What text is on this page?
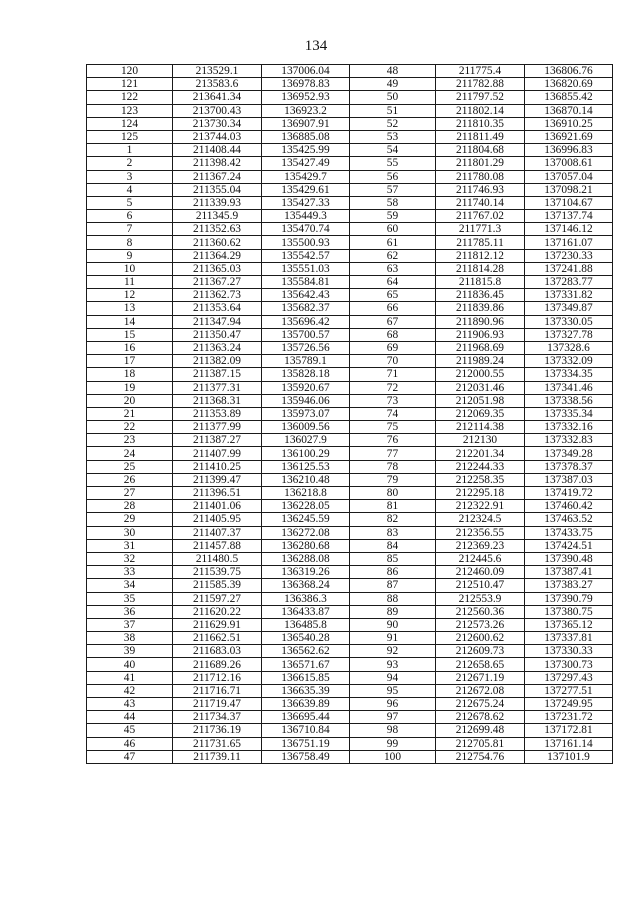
134
120	213529.1	137006.04	48	211775.4	136806.76
121	213583.6	136978.83	49	211782.88	136820.69
122	213641.34	136952.93	50	211797.52	136855.42
123	213700.43	136923.2	51	211802.14	136870.14
124	213730.34	136907.91	52	211810.35	136910.25
125	213744.03	136885.08	53	211811.49	136921.69
1	211408.44	135425.99	54	211804.68	136996.83
2	211398.42	135427.49	55	211801.29	137008.61
3	211367.24	135429.7	56	211780.08	137057.04
4	211355.04	135429.61	57	211746.93	137098.21
5	211339.93	135427.33	58	211740.14	137104.67
6	211345.9	135449.3	59	211767.02	137137.74
7	211352.63	135470.74	60	211771.3	137146.12
8	211360.62	135500.93	61	211785.11	137161.07
9	211364.29	135542.57	62	211812.12	137230.33
10	211365.03	135551.03	63	211814.28	137241.88
11	211367.27	135584.81	64	211815.8	137283.77
12	211362.73	135642.43	65	211836.45	137331.82
13	211353.64	135682.37	66	211839.86	137349.87
14	211347.94	135696.42	67	211890.96	137330.05
15	211350.47	135700.57	68	211906.93	137327.78
16	211363.24	135726.56	69	211968.69	137328.6
17	211382.09	135789.1	70	211989.24	137332.09
18	211387.15	135828.18	71	212000.55	137334.35
19	211377.31	135920.67	72	212031.46	137341.46
20	211368.31	135946.06	73	212051.98	137338.56
21	211353.89	135973.07	74	212069.35	137335.34
22	211377.99	136009.56	75	212114.38	137332.16
23	211387.27	136027.9	76	212130	137332.83
24	211407.99	136100.29	77	212201.34	137349.28
25	211410.25	136125.53	78	212244.33	137378.37
26	211399.47	136210.48	79	212258.35	137387.03
27	211396.51	136218.8	80	212295.18	137419.72
28	211401.06	136228.05	81	212322.91	137460.42
29	211405.95	136245.59	82	212324.5	137463.52
30	211407.37	136272.08	83	212356.55	137433.75
31	211457.88	136280.68	84	212369.23	137424.51
32	211480.5	136288.08	85	212445.6	137390.48
33	211539.75	136319.26	86	212460.09	137387.41
34	211585.39	136368.24	87	212510.47	137383.27
35	211597.27	136386.3	88	212553.9	137390.79
36	211620.22	136433.87	89	212560.36	137380.75
37	211629.91	136485.8	90	212573.26	137365.12
38	211662.51	136540.28	91	212600.62	137337.81
39	211683.03	136562.62	92	212609.73	137330.33
40	211689.26	136571.67	93	212658.65	137300.73
41	211712.16	136615.85	94	212671.19	137297.43
42	211716.71	136635.39	95	212672.08	137277.51
43	211719.47	136639.89	96	212675.24	137249.95
44	211734.37	136695.44	97	212678.62	137231.72
45	211736.19	136710.84	98	212699.48	137172.81
46	211731.65	136751.19	99	212705.81	137161.14
47	211739.11	136758.49	100	212754.76	137101.9
